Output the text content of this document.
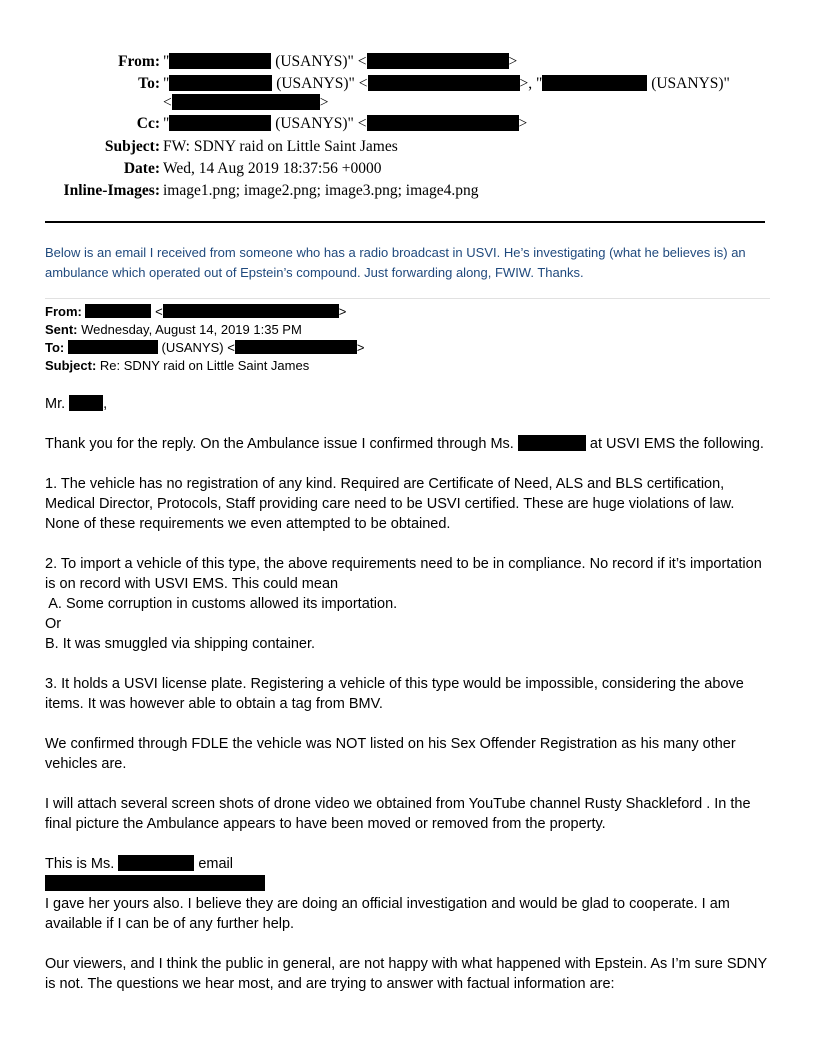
From: "	(USANYS)" <	>
To: "	(USANYS)" <	>, "	(USANYS)"
<	>
Cc: "	(USANYS)" <	>
Subject: FW: SDNY raid on Little Saint James
Date: Wed, 14 Aug 2019 18:37:56 +0000
Inline-Images: image1.png; image2.png; image3.png; image4.png
Below is an email I received from someone who has a radio broadcast in USVI. He’s investigating (what he believes is) an ambulance which operated out of Epstein’s compound. Just forwarding along, FWIW. Thanks.
From:	<	>
Sent: Wednesday, August 14, 2019 1:35 PM
To:	(USANYS) <	>
Subject: Re: SDNY raid on Little Saint James

Mr.	,

Thank you for the reply. On the Ambulance issue I confirmed through Ms.	at USVI EMS the following.

1. The vehicle has no registration of any kind. Required are Certificate of Need, ALS and BLS certification, Medical Director, Protocols, Staff providing care need to be USVI certified. These are huge violations of law. None of these requirements we even attempted to be obtained.

2. To import a vehicle of this type, the above requirements need to be in compliance. No record if it’s importation is on record with USVI EMS. This could mean

A. Some corruption in customs allowed its importation.

Or

B. It was smuggled via shipping container.

3. It holds a USVI license plate. Registering a vehicle of this type would be impossible, considering the above items. It was however able to obtain a tag from BMV.

We confirmed through FDLE the vehicle was NOT listed on his Sex Offender Registration as his many other vehicles are.

I will attach several screen shots of drone video we obtained from YouTube channel Rusty Shackleford . In the final picture the Ambulance appears to have been moved or removed from the property.

This is Ms.	email

I gave her yours also. I believe they are doing an official investigation and would be glad to cooperate. I am available if I can be of any further help.

Our viewers, and I think the public in general, are not happy with what happened with Epstein. As I’m sure SDNY is not. The questions we hear most, and are trying to answer with factual information are:
